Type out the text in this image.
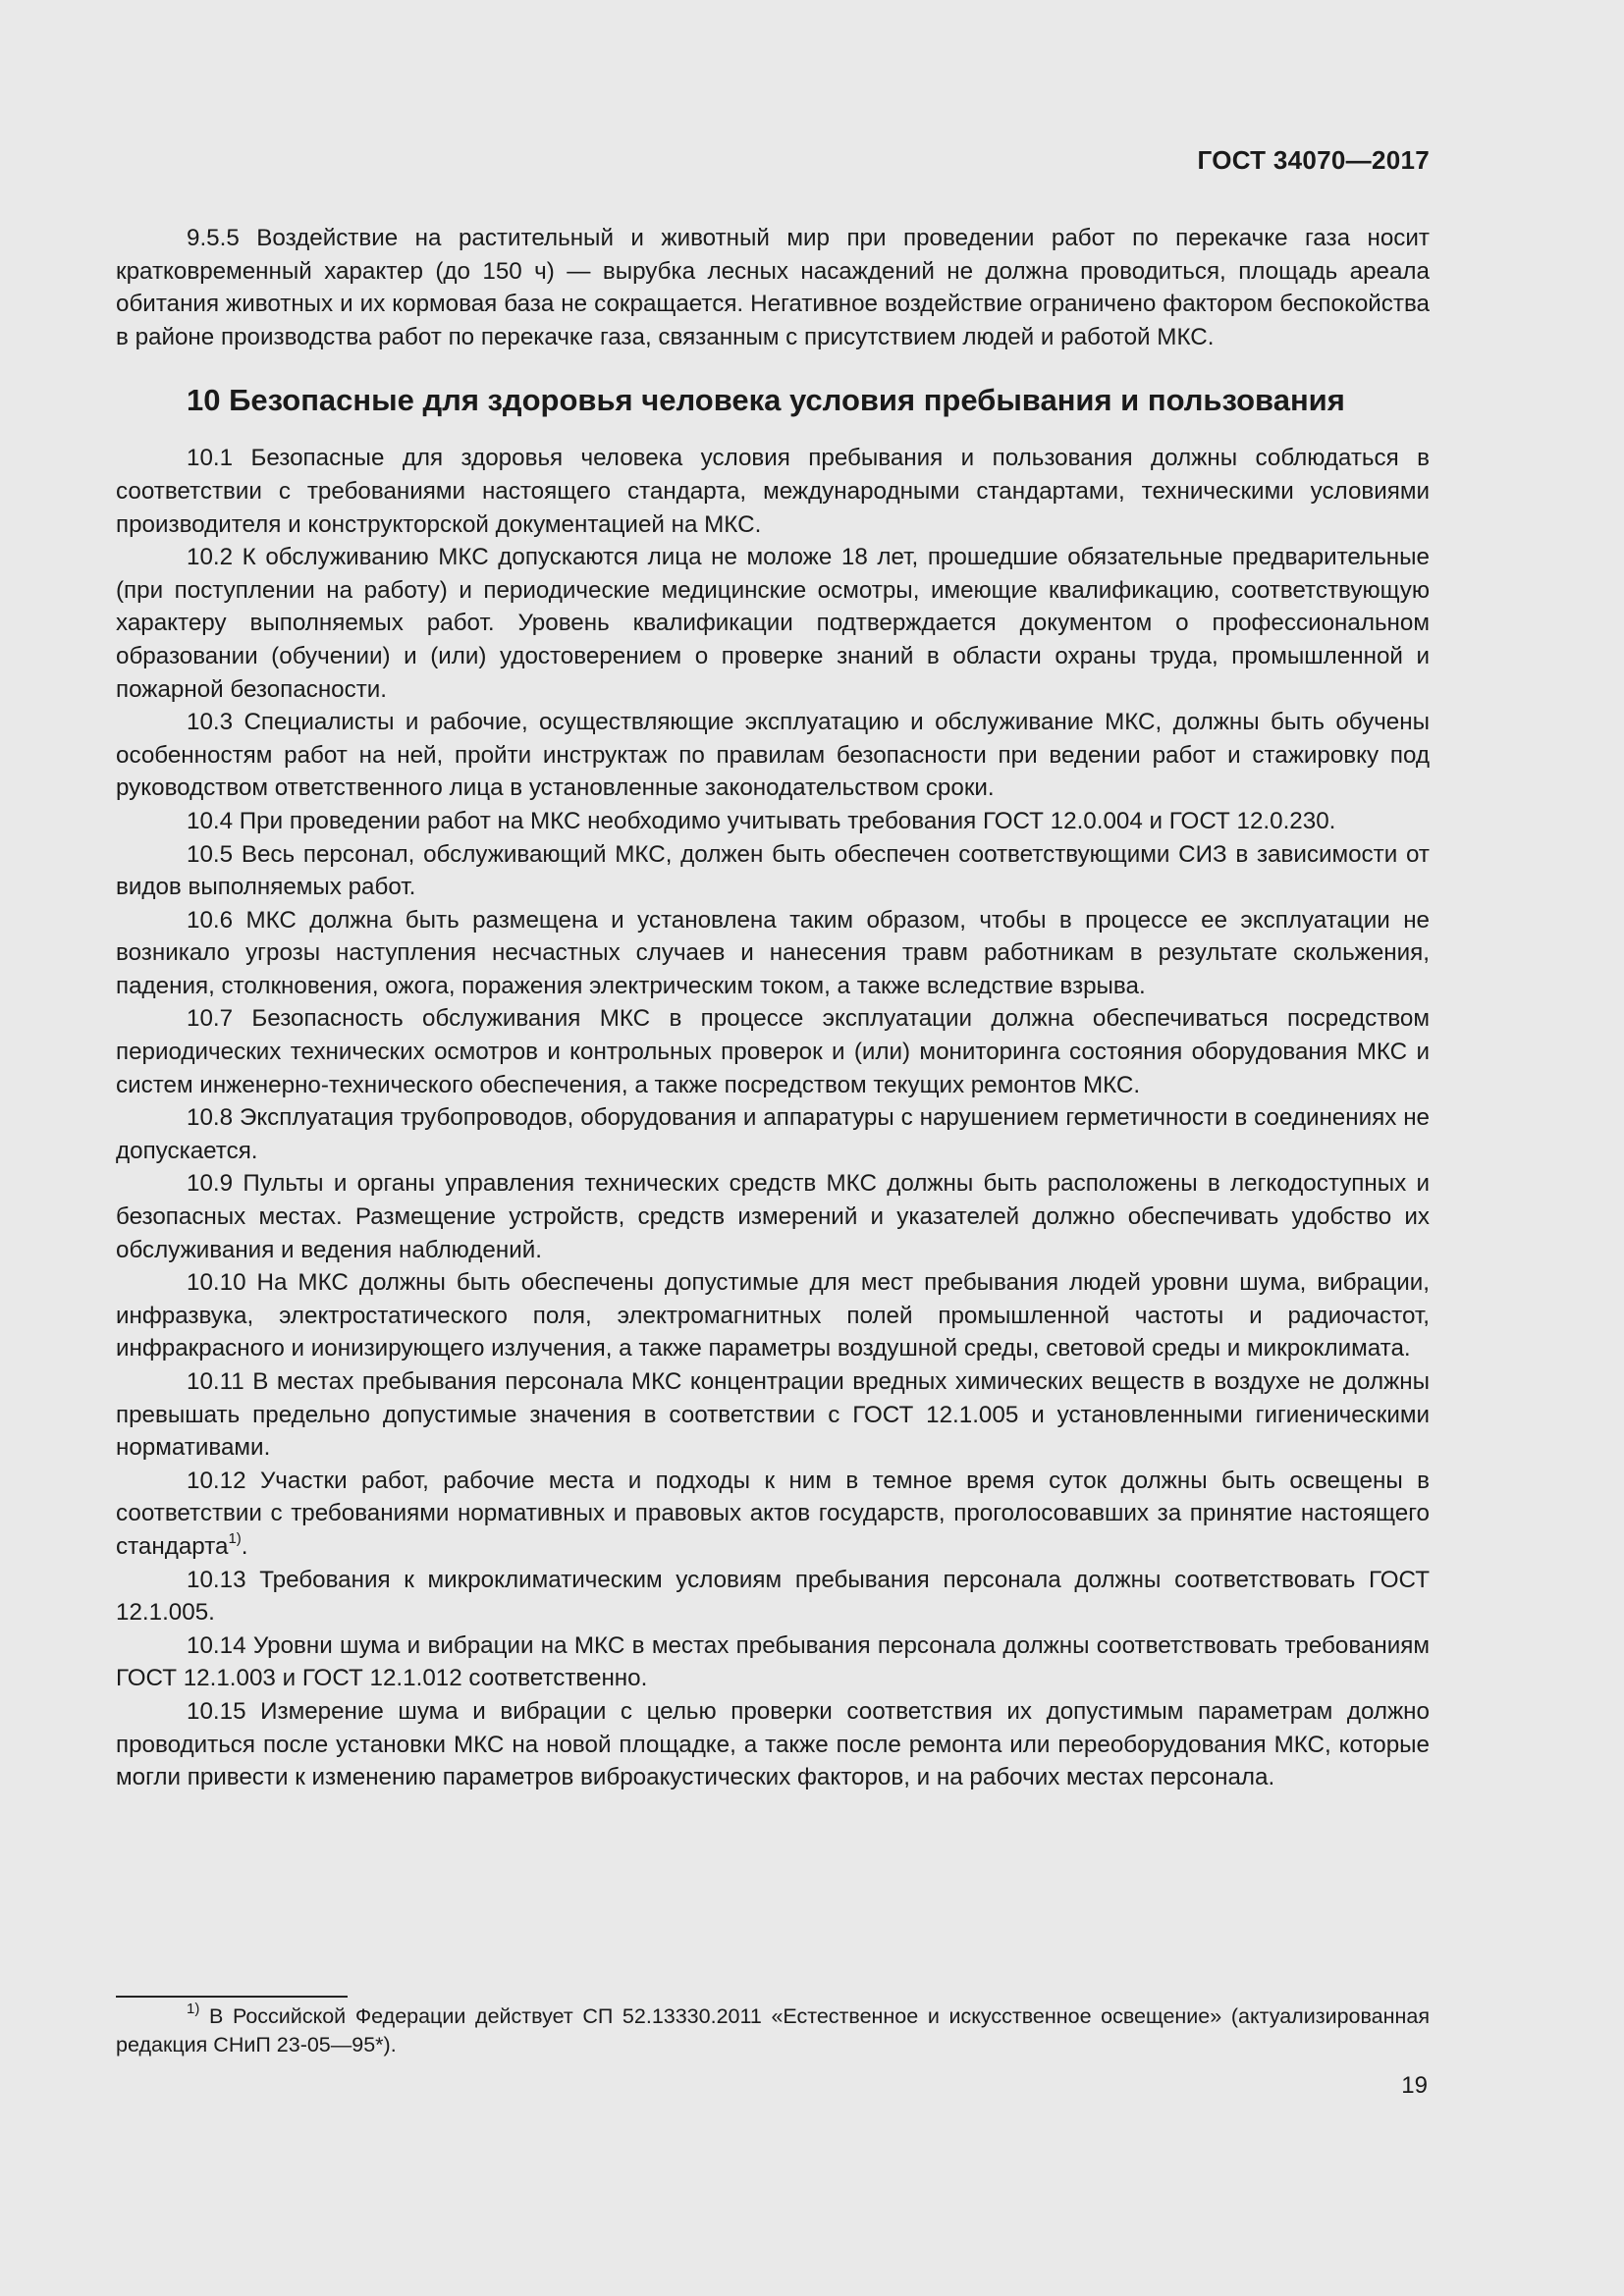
ГОСТ 34070—2017

9.5.5 Воздействие на растительный и животный мир при проведении работ по перекачке газа носит кратковременный характер (до 150 ч) — вырубка лесных насаждений не должна проводиться, площадь ареала обитания животных и их кормовая база не сокращается. Негативное воздействие ограничено фактором беспокойства в районе производства работ по перекачке газа, связанным с присутствием людей и работой МКС.

10 Безопасные для здоровья человека условия пребывания и пользования

10.1 Безопасные для здоровья человека условия пребывания и пользования должны соблюдаться в соответствии с требованиями настоящего стандарта, международными стандартами, техническими условиями производителя и конструкторской документацией на МКС.

10.2 К обслуживанию МКС допускаются лица не моложе 18 лет, прошедшие обязательные предварительные (при поступлении на работу) и периодические медицинские осмотры, имеющие квалификацию, соответствующую характеру выполняемых работ. Уровень квалификации подтверждается документом о профессиональном образовании (обучении) и (или) удостоверением о проверке знаний в области охраны труда, промышленной и пожарной безопасности.

10.3 Специалисты и рабочие, осуществляющие эксплуатацию и обслуживание МКС, должны быть обучены особенностям работ на ней, пройти инструктаж по правилам безопасности при ведении работ и стажировку под руководством ответственного лица в установленные законодательством сроки.

10.4 При проведении работ на МКС необходимо учитывать требования ГОСТ 12.0.004 и ГОСТ 12.0.230.

10.5 Весь персонал, обслуживающий МКС, должен быть обеспечен соответствующими СИЗ в зависимости от видов выполняемых работ.

10.6 МКС должна быть размещена и установлена таким образом, чтобы в процессе ее эксплуатации не возникало угрозы наступления несчастных случаев и нанесения травм работникам в результате скольжения, падения, столкновения, ожога, поражения электрическим током, а также вследствие взрыва.

10.7 Безопасность обслуживания МКС в процессе эксплуатации должна обеспечиваться посредством периодических технических осмотров и контрольных проверок и (или) мониторинга состояния оборудования МКС и систем инженерно-технического обеспечения, а также посредством текущих ремонтов МКС.

10.8 Эксплуатация трубопроводов, оборудования и аппаратуры с нарушением герметичности в соединениях не допускается.

10.9 Пульты и органы управления технических средств МКС должны быть расположены в легкодоступных и безопасных местах. Размещение устройств, средств измерений и указателей должно обеспечивать удобство их обслуживания и ведения наблюдений.

10.10 На МКС должны быть обеспечены допустимые для мест пребывания людей уровни шума, вибрации, инфразвука, электростатического поля, электромагнитных полей промышленной частоты и радиочастот, инфракрасного и ионизирующего излучения, а также параметры воздушной среды, световой среды и микроклимата.

10.11 В местах пребывания персонала МКС концентрации вредных химических веществ в воздухе не должны превышать предельно допустимые значения в соответствии с ГОСТ 12.1.005 и установленными гигиеническими нормативами.

10.12 Участки работ, рабочие места и подходы к ним в темное время суток должны быть освещены в соответствии с требованиями нормативных и правовых актов государств, проголосовавших за принятие настоящего стандарта$^{1)}$.

10.13 Требования к микроклиматическим условиям пребывания персонала должны соответствовать ГОСТ 12.1.005.

10.14 Уровни шума и вибрации на МКС в местах пребывания персонала должны соответствовать требованиям ГОСТ 12.1.003 и ГОСТ 12.1.012 соответственно.

10.15 Измерение шума и вибрации с целью проверки соответствия их допустимым параметрам должно проводиться после установки МКС на новой площадке, а также после ремонта или переоборудования МКС, которые могли привести к изменению параметров виброакустических факторов, и на рабочих местах персонала.

$^{1)}$ В Российской Федерации действует СП 52.13330.2011 «Естественное и искусственное освещение» (актуализированная редакция СНиП 23-05—95*).
19
